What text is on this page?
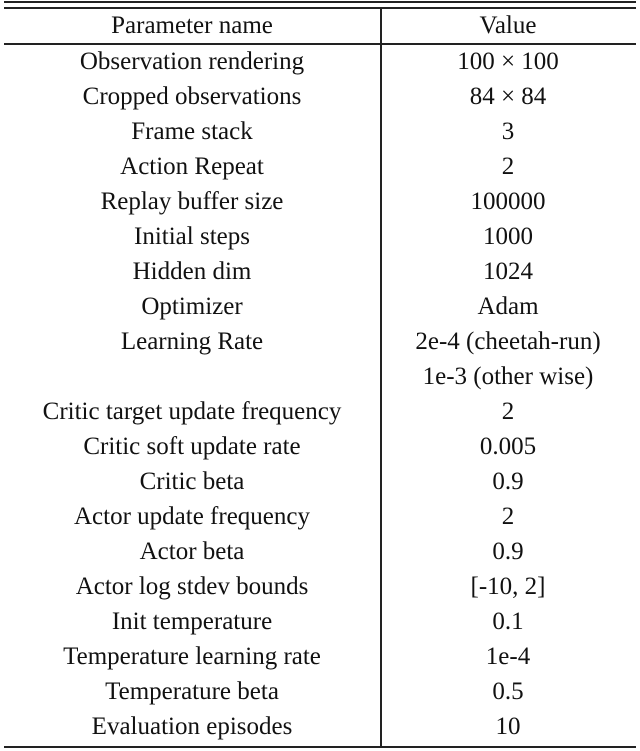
Parameter name	Value
Observation rendering	100 × 100
Cropped observations	84 × 84
Frame stack	3
Action Repeat	2
Replay buffer size	100000
Initial steps	1000
Hidden dim	1024
Optimizer	Adam
Learning Rate	2e-4 (cheetah-run)
1e-3 (other wise)
Critic target update frequency	2
Critic soft update rate	0.005
Critic beta	0.9
Actor update frequency	2
Actor beta	0.9
Actor log stdev bounds	[-10, 2]
Init temperature	0.1
Temperature learning rate	1e-4
Temperature beta	0.5
Evaluation episodes	10
